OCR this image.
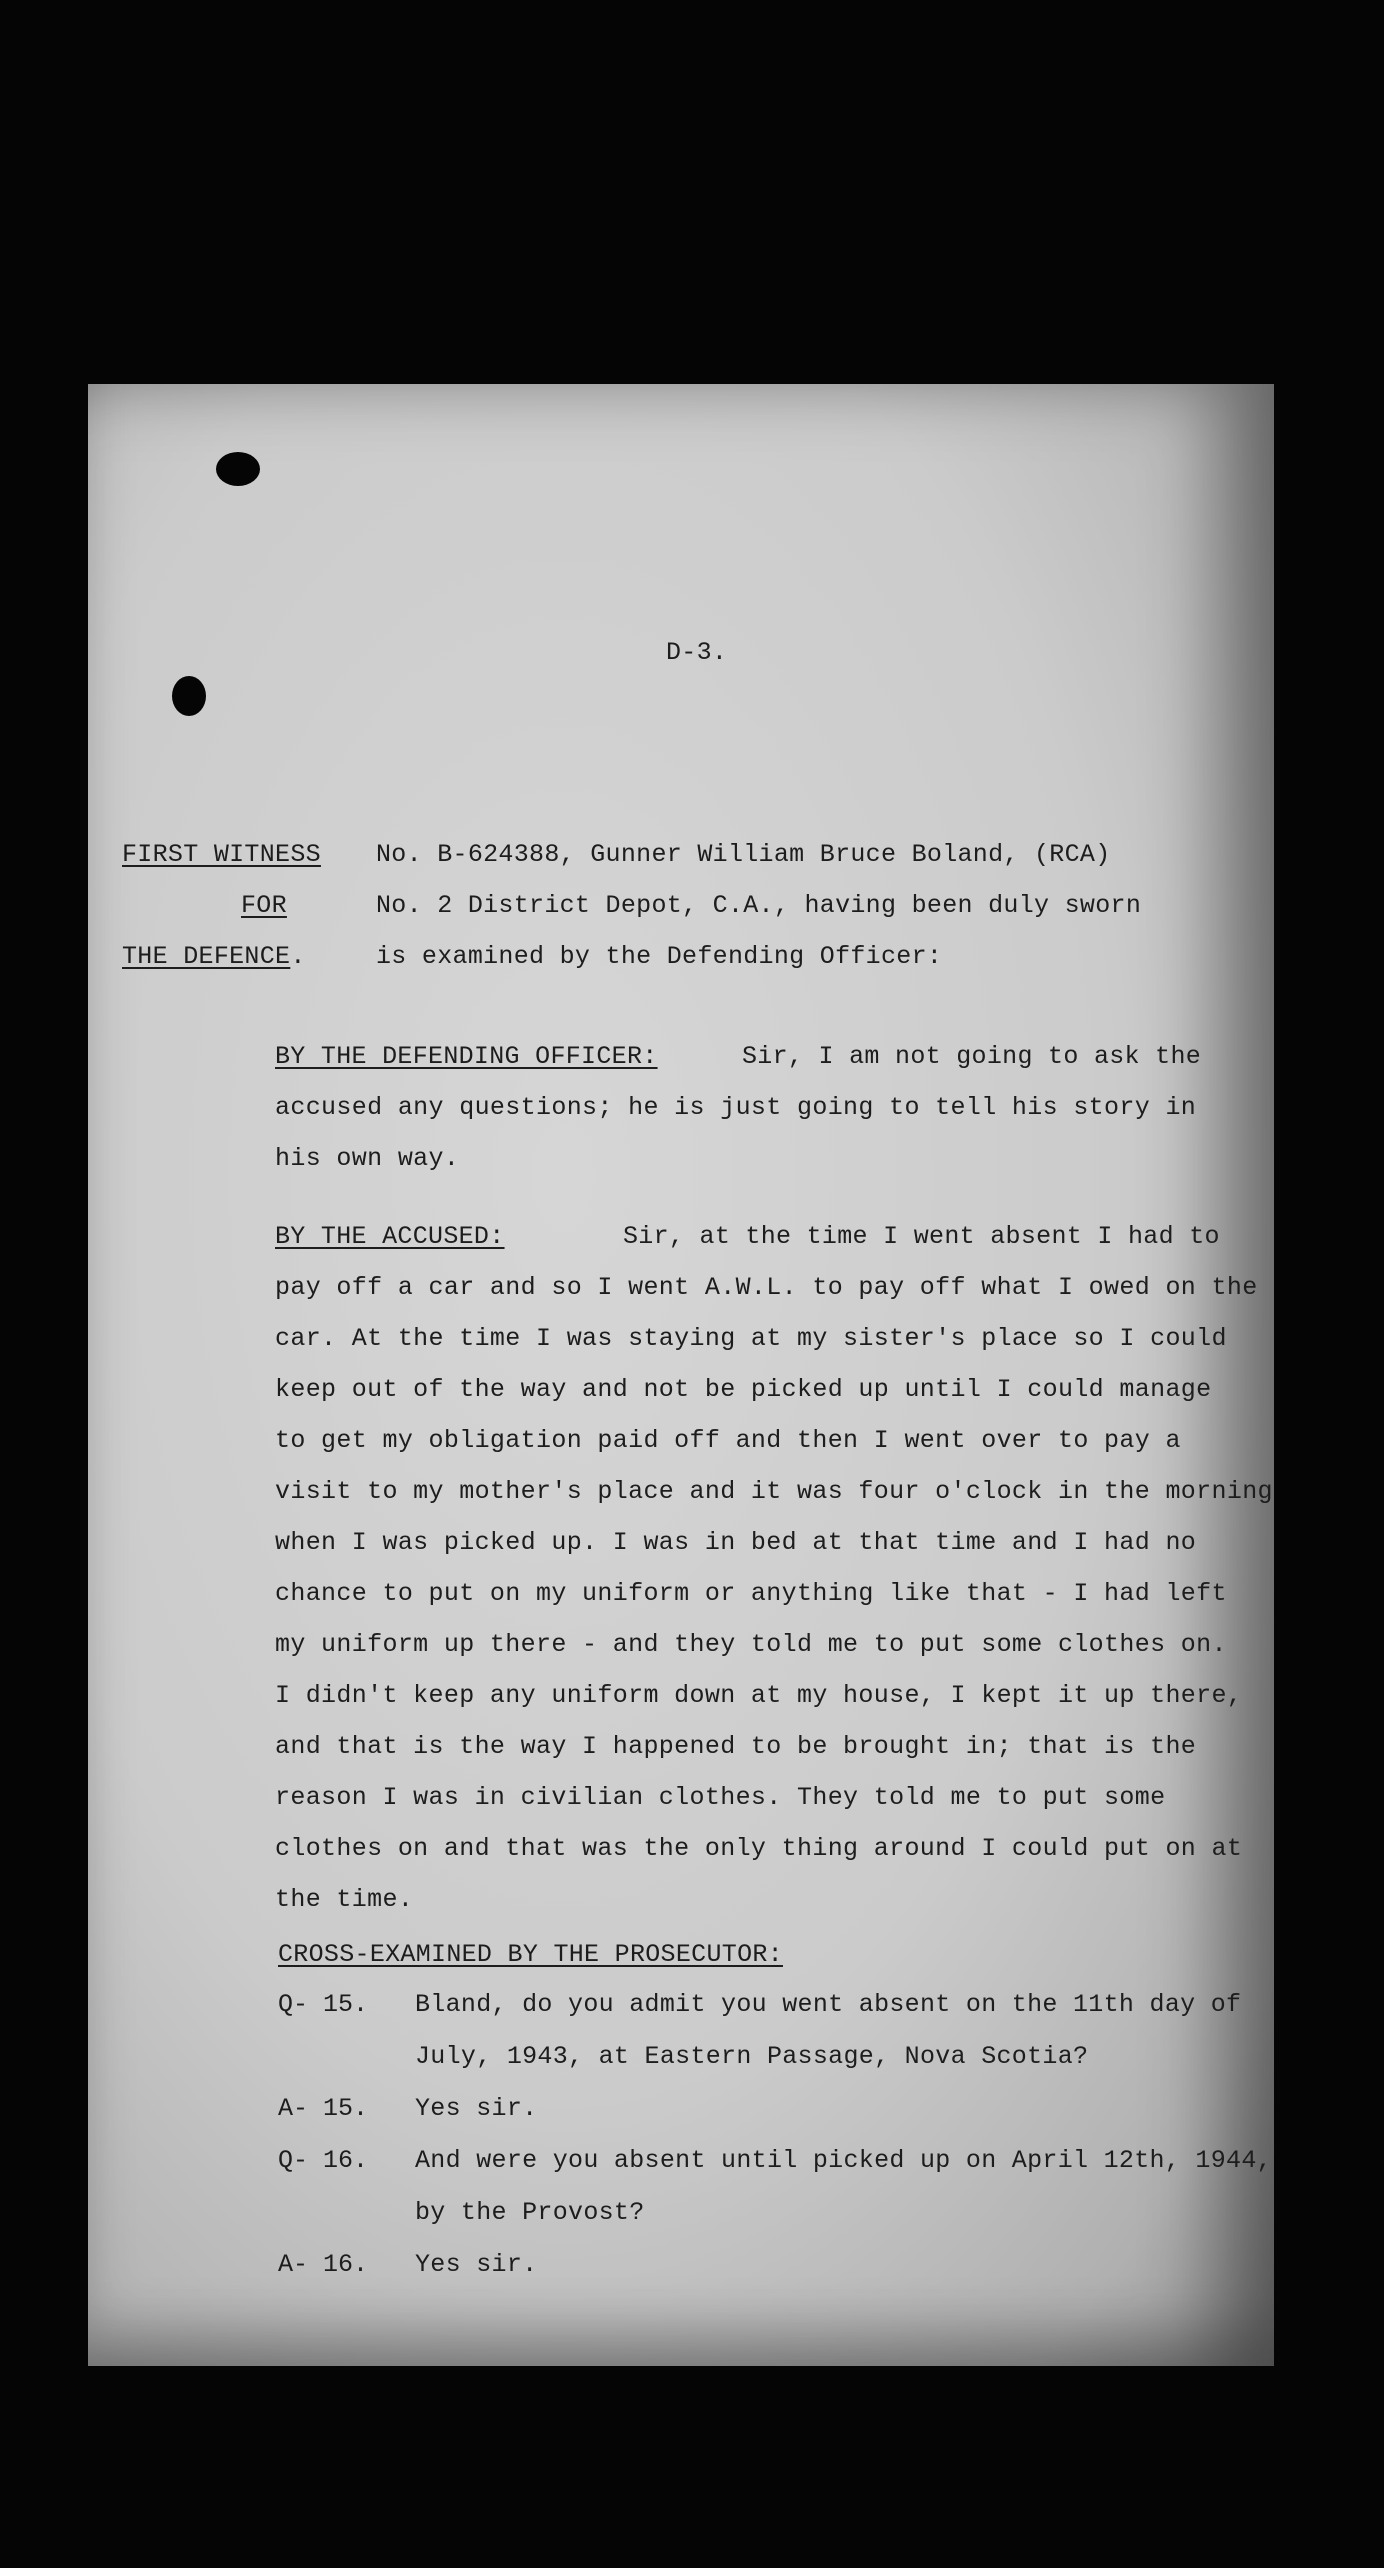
D-3.
FIRST WITNESS
FOR
THE DEFENCE.
No. B-624388, Gunner William Bruce Boland, (RCA)
No. 2 District Depot, C.A., having been duly sworn
is examined by the Defending Officer:
BY THE DEFENDING OFFICER:	Sir, I am not going to ask the
accused any questions; he is just going to tell his story in
his own way.
BY THE ACCUSED:	Sir, at the time I went absent I had to
pay off a car and so I went A.W.L. to pay off what I owed on the
car. At the time I was staying at my sister's place so I could
keep out of the way and not be picked up until I could manage
to get my obligation paid off and then I went over to pay a
visit to my mother's place and it was four o'clock in the morning
when I was picked up. I was in bed at that time and I had no
chance to put on my uniform or anything like that - I had left
my uniform up there - and they told me to put some clothes on.
I didn't keep any uniform down at my house, I kept it up there,
and that is the way I happened to be brought in; that is the
reason I was in civilian clothes. They told me to put some
clothes on and that was the only thing around I could put on at
the time.
CROSS-EXAMINED BY THE PROSECUTOR:
Q- 15. Bland, do you admit you went absent on the 11th day of
July, 1943, at Eastern Passage, Nova Scotia?
A- 15. Yes sir.
Q- 16. And were you absent until picked up on April 12th, 1944,
by the Provost?
A- 16. Yes sir.
